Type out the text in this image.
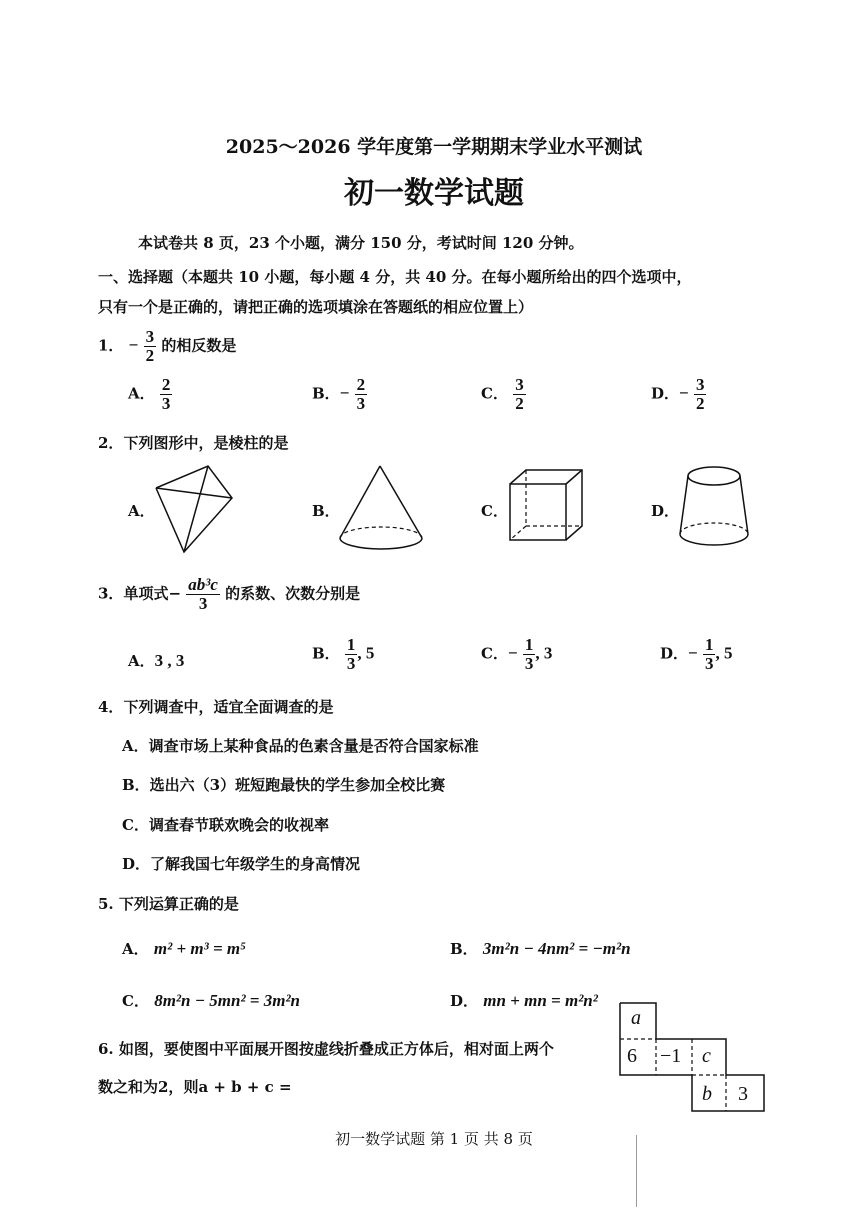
2025～2026 学年度第一学期期末学业水平测试
初一数学试题
本试卷共 8 页，23 个小题，满分 150 分，考试时间 120 分钟。
一、选择题（本题共 10 小题，每小题 4 分，共 40 分。在每小题所给出的四个选项中，
只有一个是正确的，请把正确的选项填涂在答题纸的相应位置上）
1． − $\frac{3}{2}$ 的相反数是
A． $\frac{2}{3}$	B．− $\frac{2}{3}$	C． $\frac{3}{2}$	D．− $\frac{3}{2}$
2．下列图形中，是棱柱的是
A．	B．	C．	D．
3．单项式− $\frac{\text{ab³c}}{3}$ 的系数、次数分别是
A．3 , 3	B． $\frac{1}{3}$ , 5	C．− $\frac{1}{3}$ , 3	D．− $\frac{1}{3}$ , 5
4．下列调查中，适宜全面调查的是
A．调查市场上某种食品的色素含量是否符合国家标准
B．选出六（3）班短跑最快的学生参加全校比赛
C．调查春节联欢晚会的收视率
D．了解我国七年级学生的身高情况
5. 下列运算正确的是
A． m² + m³ = m⁵	B． 3m²n − 4nm² = −m²n
C． 8m²n − 5mn² = 3m²n	D． mn + mn = m²n²
6. 如图，要使图中平面展开图按虚线折叠成正方体后，相对面上两个
数之和为2，则a + b + c =
a
6 −1 c
b 3
初一数学试题 第 1 页 共 8 页
